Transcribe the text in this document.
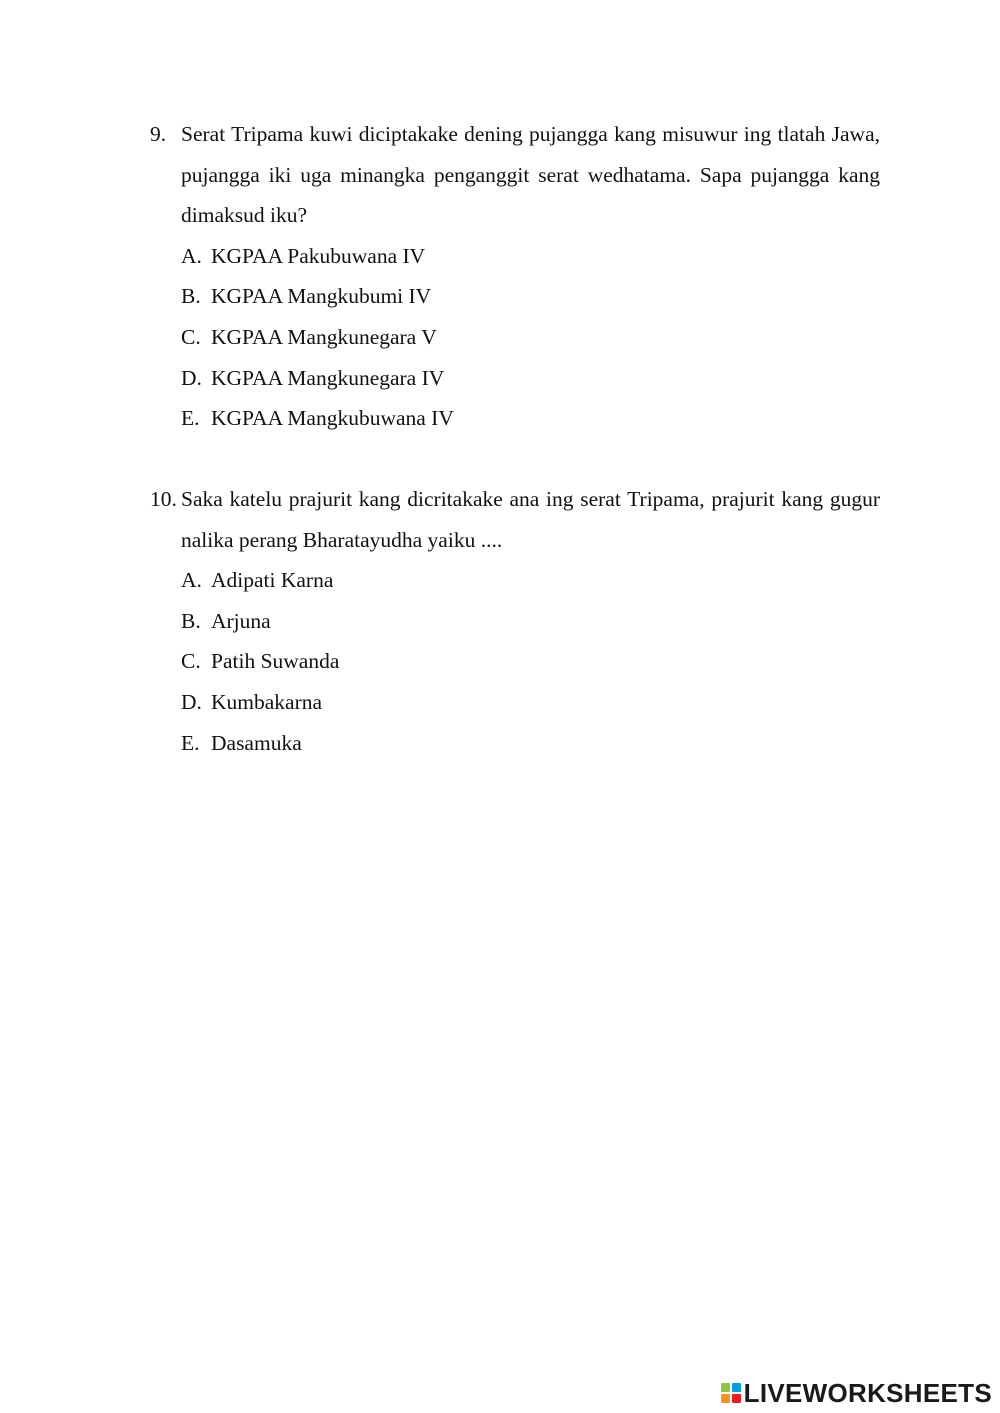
9. Serat Tripama kuwi diciptakake dening pujangga kang misuwur ing tlatah Jawa, pujangga iki uga minangka penganggit serat wedhatama. Sapa pujangga kang dimaksud iku?
A. KGPAA Pakubuwana IV
B. KGPAA Mangkubumi IV
C. KGPAA Mangkunegara V
D. KGPAA Mangkunegara IV
E. KGPAA Mangkubuwana IV
10. Saka katelu prajurit kang dicritakake ana ing serat Tripama, prajurit kang gugur nalika perang Bharatayudha yaiku ....
A. Adipati Karna
B. Arjuna
C. Patih Suwanda
D. Kumbakarna
E. Dasamuka
LIVEWORKSHEETS
